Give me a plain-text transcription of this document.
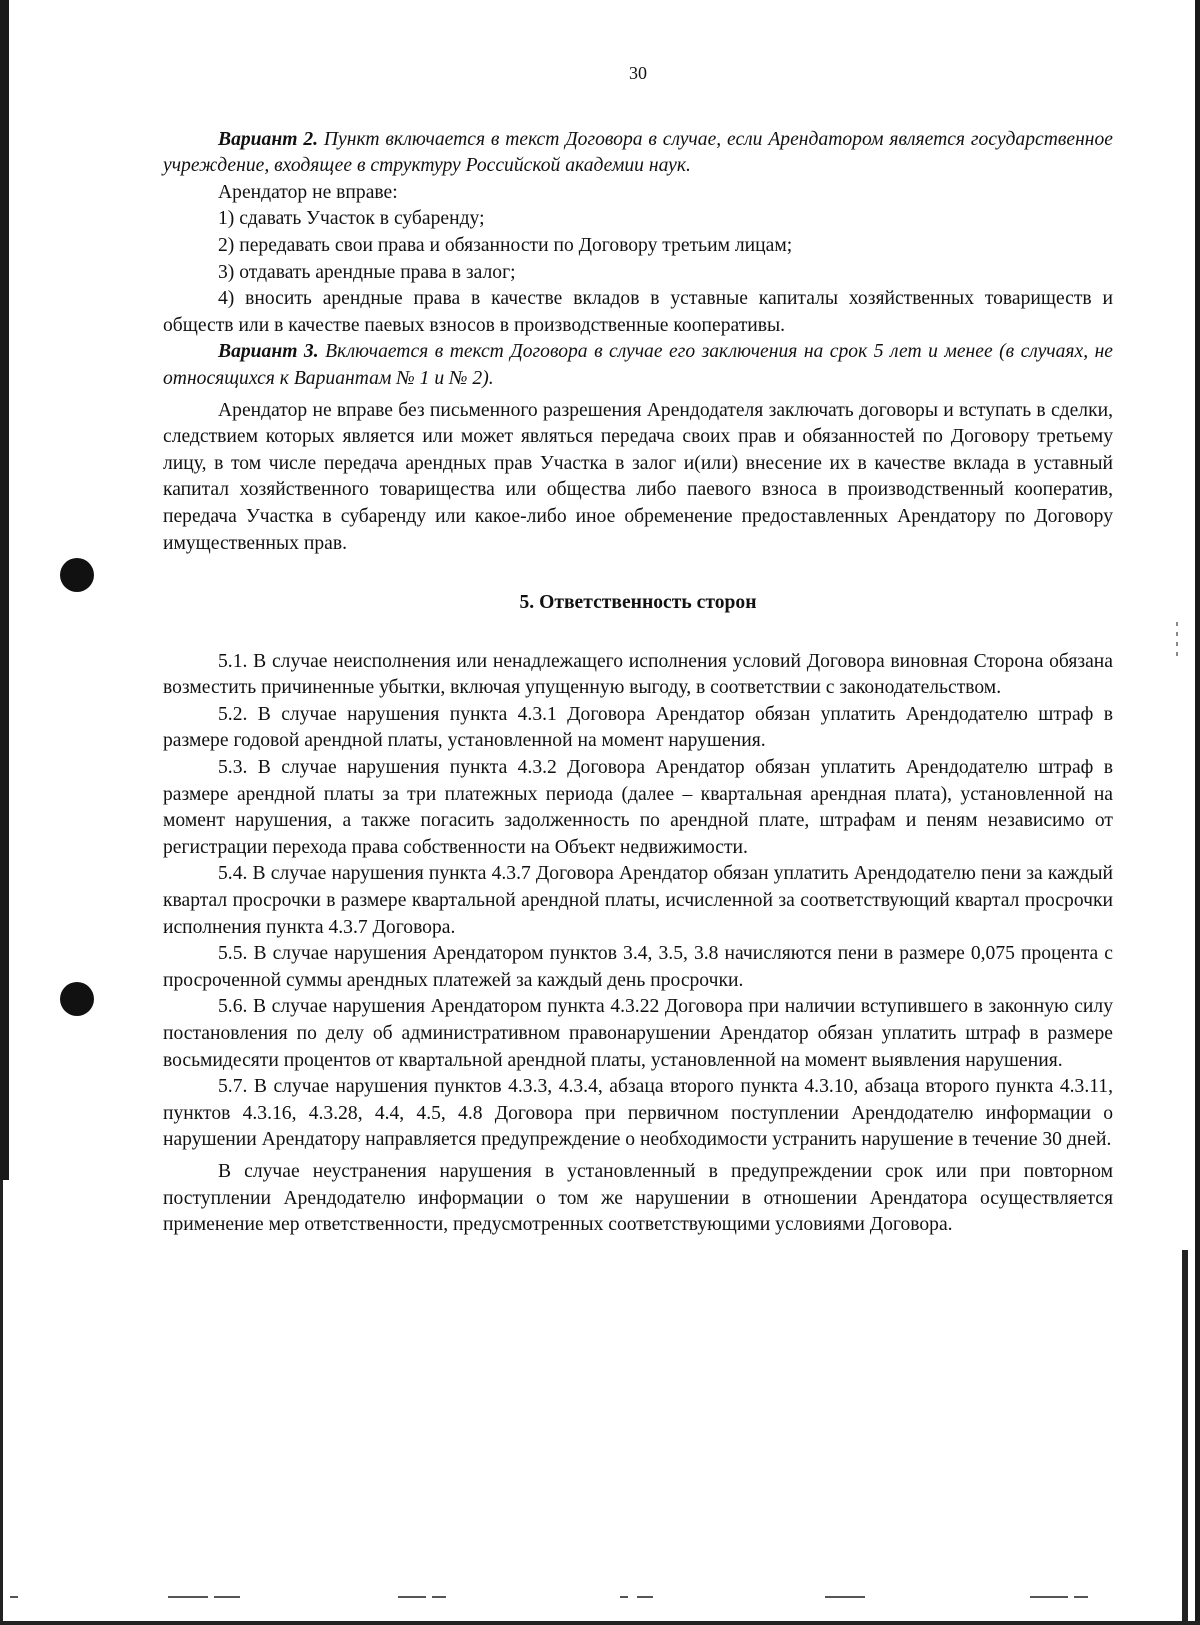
30

Вариант 2. Пункт включается в текст Договора в случае, если Арендатором является государственное учреждение, входящее в структуру Российской академии наук.

Арендатор не вправе:

1) сдавать Участок в субаренду;

2) передавать свои права и обязанности по Договору третьим лицам;

3) отдавать арендные права в залог;

4) вносить арендные права в качестве вкладов в уставные капиталы хозяйственных товариществ и обществ или в качестве паевых взносов в производственные кооперативы.

Вариант 3. Включается в текст Договора в случае его заключения на срок 5 лет и менее (в случаях, не относящихся к Вариантам № 1 и № 2).

Арендатор не вправе без письменного разрешения Арендодателя заключать договоры и вступать в сделки, следствием которых является или может являться передача своих прав и обязанностей по Договору третьему лицу, в том числе передача арендных прав Участка в залог и(или) внесение их в качестве вклада в уставный капитал хозяйственного товарищества или общества либо паевого взноса в производственный кооператив, передача Участка в субаренду или какое-либо иное обременение предоставленных Арендатору по Договору имущественных прав.

5. Ответственность сторон

5.1. В случае неисполнения или ненадлежащего исполнения условий Договора виновная Сторона обязана возместить причиненные убытки, включая упущенную выгоду, в соответствии с законодательством.

5.2. В случае нарушения пункта 4.3.1 Договора Арендатор обязан уплатить Арендодателю штраф в размере годовой арендной платы, установленной на момент нарушения.

5.3. В случае нарушения пункта 4.3.2 Договора Арендатор обязан уплатить Арендодателю штраф в размере арендной платы за три платежных периода (далее – квартальная арендная плата), установленной на момент нарушения, а также погасить задолженность по арендной плате, штрафам и пеням независимо от регистрации перехода права собственности на Объект недвижимости.

5.4. В случае нарушения пункта 4.3.7 Договора Арендатор обязан уплатить Арендодателю пени за каждый квартал просрочки в размере квартальной арендной платы, исчисленной за соответствующий квартал просрочки исполнения пункта 4.3.7 Договора.

5.5. В случае нарушения Арендатором пунктов 3.4, 3.5, 3.8 начисляются пени в размере 0,075 процента с просроченной суммы арендных платежей за каждый день просрочки.

5.6. В случае нарушения Арендатором пункта 4.3.22 Договора при наличии вступившего в законную силу постановления по делу об административном правонарушении Арендатор обязан уплатить штраф в размере восьмидесяти процентов от квартальной арендной платы, установленной на момент выявления нарушения.

5.7. В случае нарушения пунктов 4.3.3, 4.3.4, абзаца второго пункта 4.3.10, абзаца второго пункта 4.3.11, пунктов 4.3.16, 4.3.28, 4.4, 4.5, 4.8 Договора при первичном поступлении Арендодателю информации о нарушении Арендатору направляется предупреждение о необходимости устранить нарушение в течение 30 дней.

В случае неустранения нарушения в установленный в предупреждении срок или при повторном поступлении Арендодателю информации о том же нарушении в отношении Арендатора осуществляется применение мер ответственности, предусмотренных соответствующими условиями Договора.
